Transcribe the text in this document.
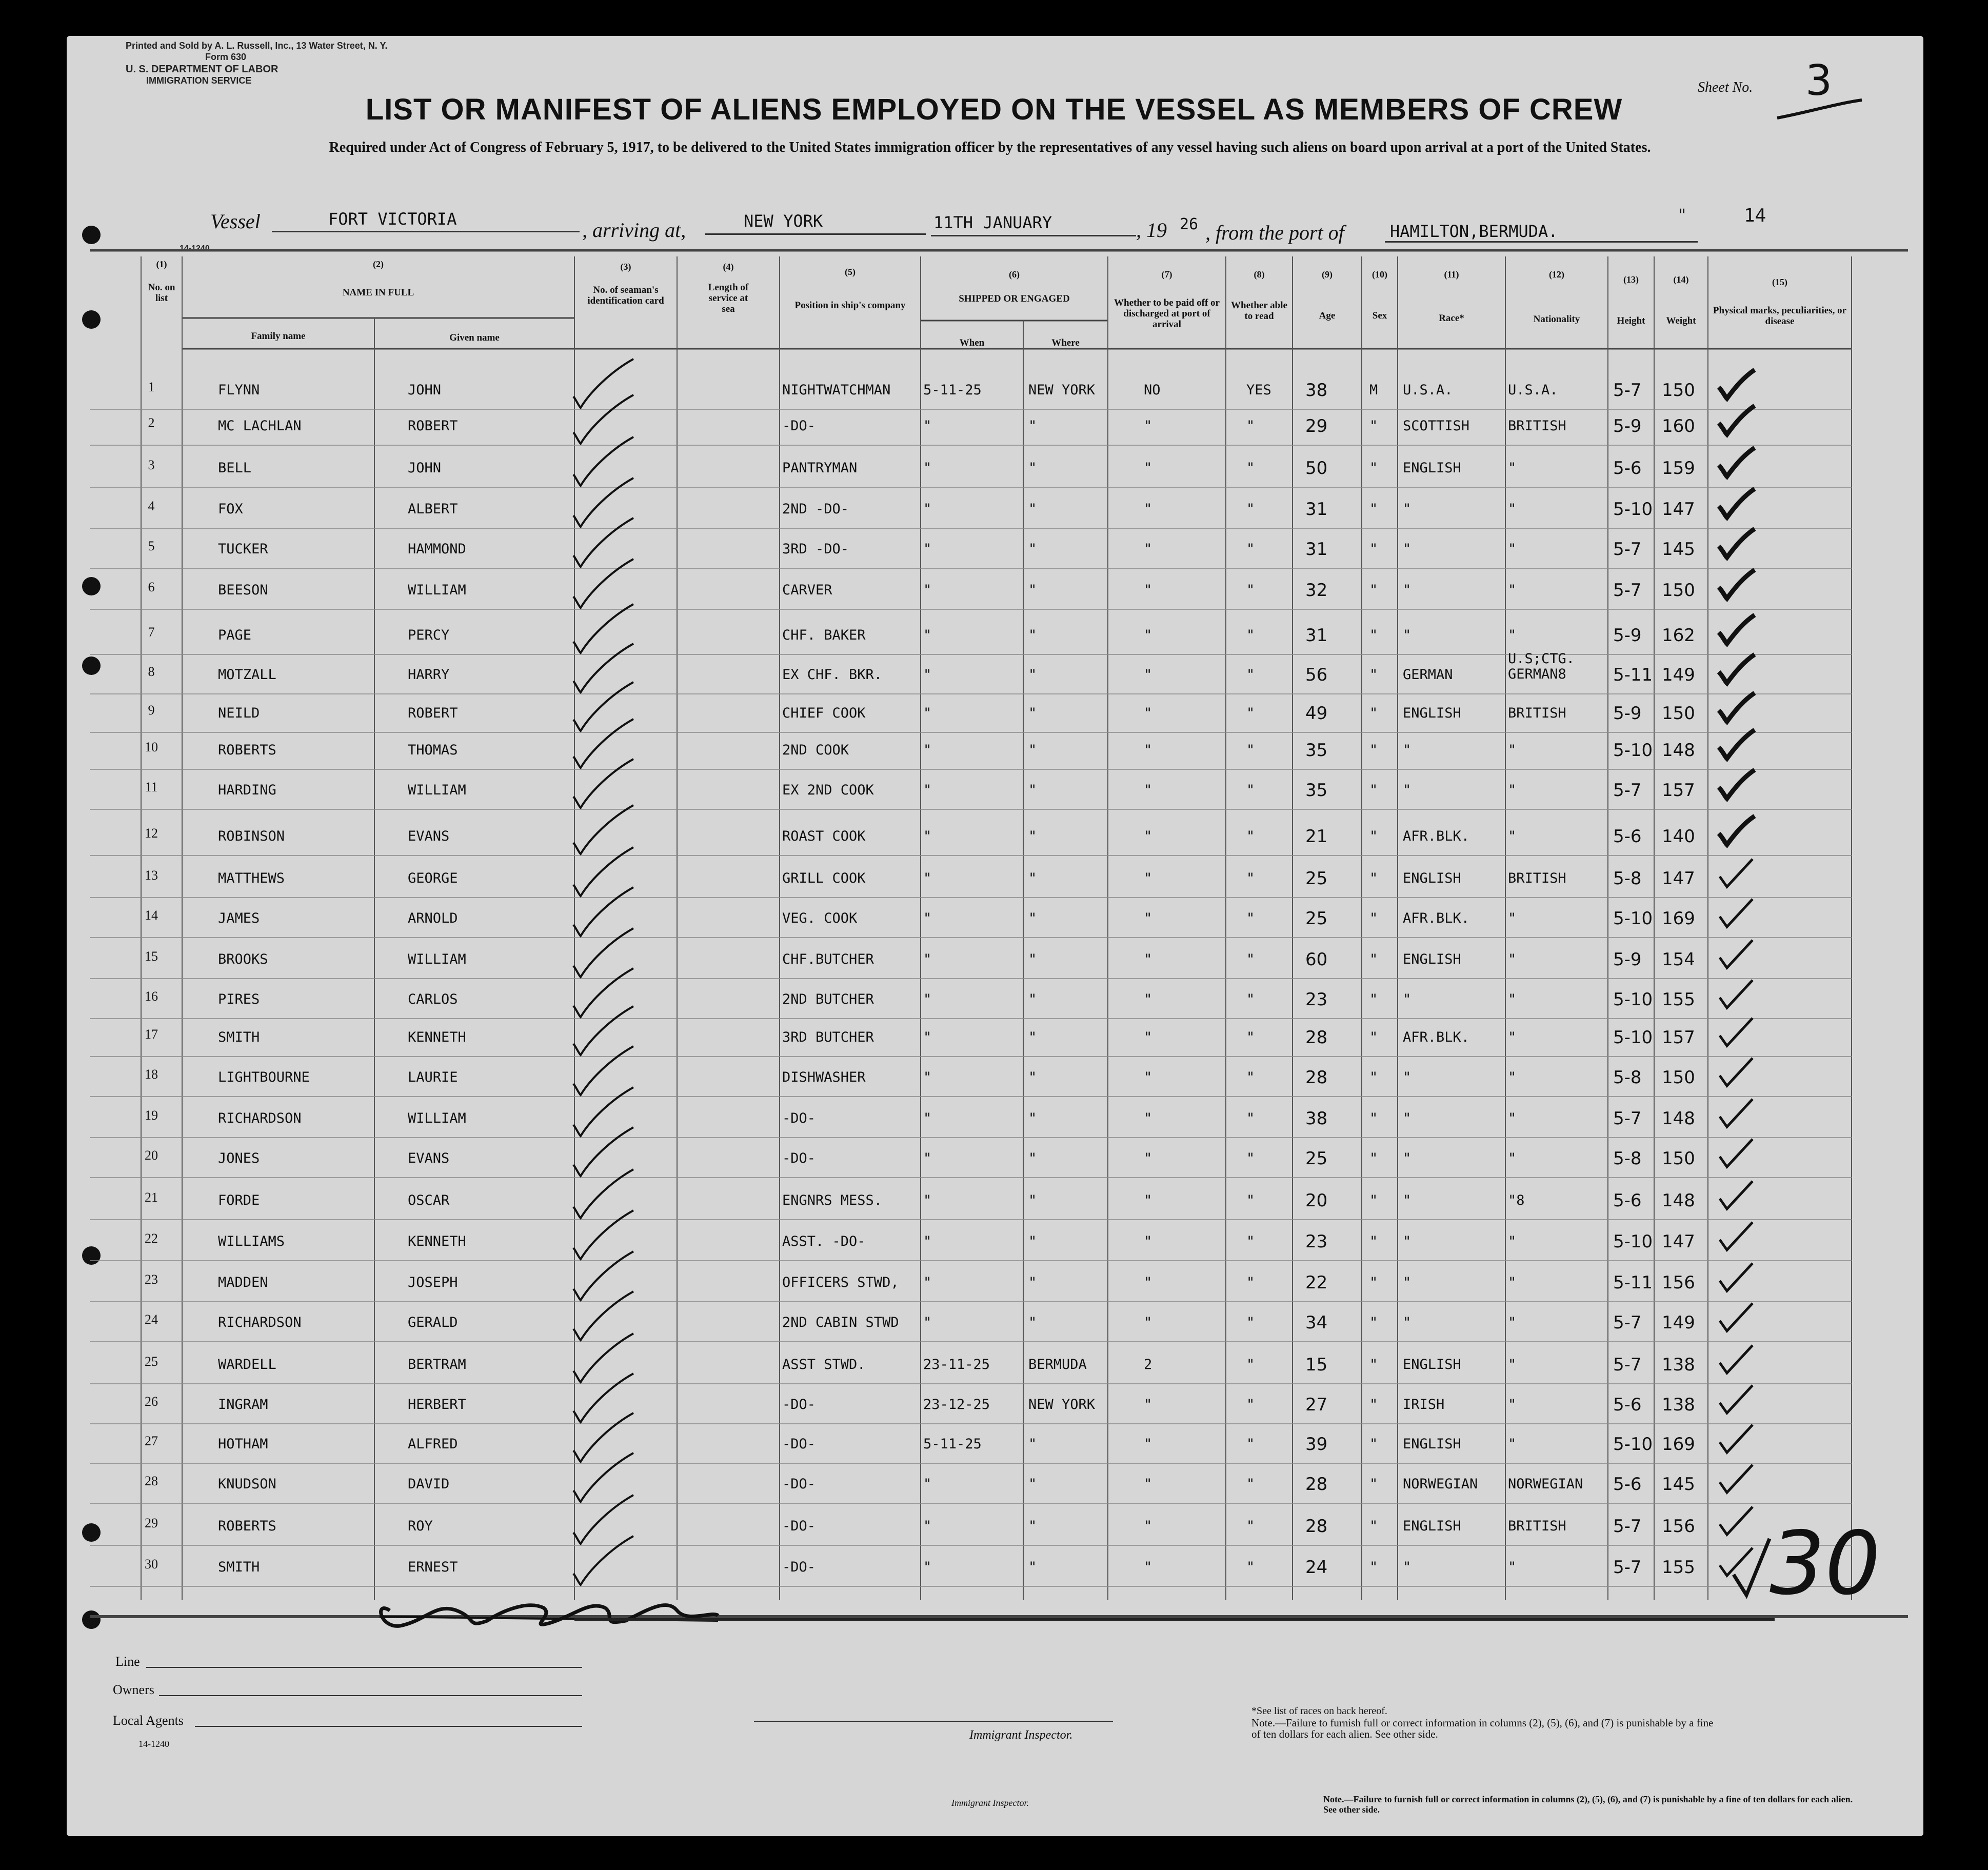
Printed and Sold by A. L. Russell, Inc., 13 Water Street, N. Y.
Form 630
U. S. DEPARTMENT OF LABOR
IMMIGRATION SERVICE
LIST OR MANIFEST OF ALIENS EMPLOYED ON THE VESSEL AS MEMBERS OF CREW
Required under Act of Congress of February 5, 1917, to be delivered to the United States immigration officer by the representatives of any vessel having such aliens on board upon arrival at a port of the United States.
Sheet No. 3
Vessel	FORT VICTORIA	, arriving at,	NEW YORK	11TH JANUARY	, 19 26 , from the port of	HAMILTON,BERMUDA.
"	14
14-1240
(1)
No. on list
(2)
NAME IN FULL
Family name	Given name
(3)
No. of seaman's identification card
(4)
Length of service at sea
(5)
Position in ship's company
(6)
SHIPPED OR ENGAGED
When	Where
(7)
Whether to be paid off or discharged at port of arrival
(8)
Whether able to read
(9)
Age
(10)
Sex
(11)
Race*
(12)
Nationality
(13)
Height
(14)
Weight
(15)
Physical marks, peculiarities, or disease
1	FLYNN	JOHN	NIGHTWATCHMAN 5-11-25	NEW YORK	NO	YES 38	M U.S.A.	U.S.A.	5-7 150
2	MC LACHLAN	ROBERT	-DO-	"	"	"	"	29	" SCOTTISH	BRITISH	5-9 160
3	BELL	JOHN	PANTRYMAN	"	"	"	"	50	" ENGLISH	"	5-6 159
4	FOX	ALBERT	2ND -DO-	"	"	"	"	31	" "	"	5-10 147
5	TUCKER	HAMMOND	3RD -DO-	"	"	"	"	31	" "	"	5-7 145
6	BEESON	WILLIAM	CARVER	"	"	"	"	32	" "	"	5-7 150
7	PAGE	PERCY	CHF. BAKER	"	"	"	"	31	" "	"	5-9 162
8	MOTZALL	HARRY	EX CHF. BKR.	"	"	"	"	56	" GERMAN
U.S;CTG. GERMAN8	5-11 149
9	NEILD	ROBERT	CHIEF COOK	"	"	"	"	49	" ENGLISH	BRITISH	5-9 150
10	ROBERTS	THOMAS	2ND COOK	"	"	"	"	35	" "	"	5-10 148
11	HARDING	WILLIAM	EX 2ND COOK	"	"	"	"	35	" "	"	5-7 157
12	ROBINSON	EVANS	ROAST COOK	"	"	"	"	21	" AFR.BLK.	"	5-6 140
13	MATTHEWS	GEORGE	GRILL COOK	"	"	"	"	25	" ENGLISH	BRITISH	5-8 147
14	JAMES	ARNOLD	VEG. COOK	"	"	"	"	25	" AFR.BLK.	"	5-10 169
15	BROOKS	WILLIAM	CHF.BUTCHER	"	"	"	"	60	" ENGLISH	"	5-9 154
16	PIRES	CARLOS	2ND BUTCHER	"	"	"	"	23	" "	"	5-10 155
17	SMITH	KENNETH	3RD BUTCHER	"	"	"	"	28	" AFR.BLK.	"	5-10 157
18	LIGHTBOURNE	LAURIE	DISHWASHER	"	"	"	"	28	" "	"	5-8 150
19	RICHARDSON	WILLIAM	-DO-	"	"	"	"	38	" "	"	5-7 148
20	JONES	EVANS	-DO-	"	"	"	"	25	" "	"	5-8 150
21	FORDE	OSCAR	ENGNRS MESS.	"	"	"	"	20	" "	"8	5-6 148
22	WILLIAMS	KENNETH	ASST. -DO-	"	"	"	"	23	" "	"	5-10 147
23	MADDEN	JOSEPH	OFFICERS STWD, "	"	"	"	22	" "	"	5-11 156
24	RICHARDSON	GERALD	2ND CABIN STWD "	"	"	"	34	" "	"	5-7 149
25	WARDELL	BERTRAM	ASST STWD.	23-11-25	BERMUDA	2	"	15	" ENGLISH	"	5-7 138
26	INGRAM	HERBERT	-DO-	23-12-25	NEW YORK	"	"	27	" IRISH	"	5-6 138
27	HOTHAM	ALFRED	-DO-	5-11-25	"	"	"	39	" ENGLISH	"	5-10 169
28	KNUDSON	DAVID	-DO-	"	"	"	"	28	" NORWEGIAN NORWEGIAN 5-6 145
29	ROBERTS	ROY	-DO-	"	"	"	"	28	" ENGLISH	BRITISH	5-7 156
30	SMITH	ERNEST	-DO-	"	"	"	"	24	" "	"	5-7 155 30
Line
Owners
Local Agents
14-1240
Immigrant Inspector.
*See list of races on back hereof.
Note.—Failure to furnish full or correct information in columns (2), (5), (6), and (7) is punishable by a fine of ten dollars for each alien. See other side.
Immigrant Inspector.	Note.—Failure to furnish full or correct information in columns (2), (5), (6), and (7) is punishable by a fine of ten dollars for each alien. See other side.
